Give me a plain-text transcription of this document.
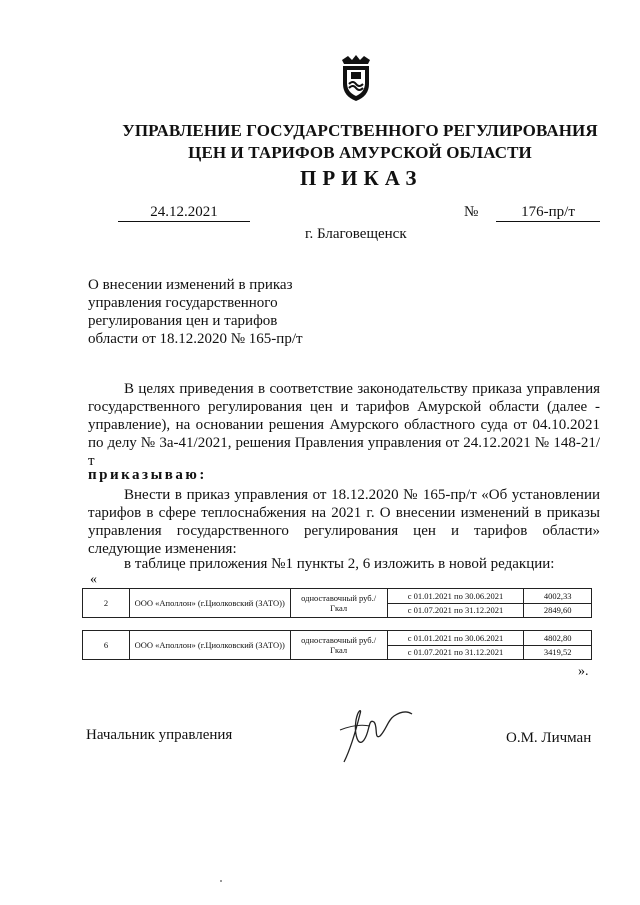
УПРАВЛЕНИЕ ГОСУДАРСТВЕННОГО РЕГУЛИРОВАНИЯ
ЦЕН И ТАРИФОВ АМУРСКОЙ ОБЛАСТИ
ПРИКАЗ
24.12.2021	№	176-пр/т
г. Благовещенск
О внесении изменений в приказ
управления государственного
регулирования цен и тарифов
области от 18.12.2020 № 165-пр/т
В целях приведения в соответствие законодательству приказа управления государственного регулирования цен и тарифов Амурской области (далее - управление), на основании решения Амурского областного суда от 04.10.2021 по делу № 3а-41/2021, решения Правления управления от 24.12.2021 № 148-21/т
приказываю:
Внести в приказ управления от 18.12.2020 № 165-пр/т «Об установлении тарифов в сфере теплоснабжения на 2021 г. О внесении изменений в приказы управления государственного регулирования цен и тарифов области» следующие изменения:
в таблице приложения №1 пункты 2, 6 изложить в новой редакции:
«
2	ООО «Аполлон» (г.Циолковский (ЗАТО))	одноставочный руб./Гкал	с 01.01.2021 по 30.06.2021	4002,33
			с 01.07.2021 по 31.12.2021	2849,60
6	ООО «Аполлон» (г.Циолковский (ЗАТО))	одноставочный руб./Гкал	с 01.01.2021 по 30.06.2021	4802,80
			с 01.07.2021 по 31.12.2021	3419,52
».
Начальник управления	О.М. Личман
